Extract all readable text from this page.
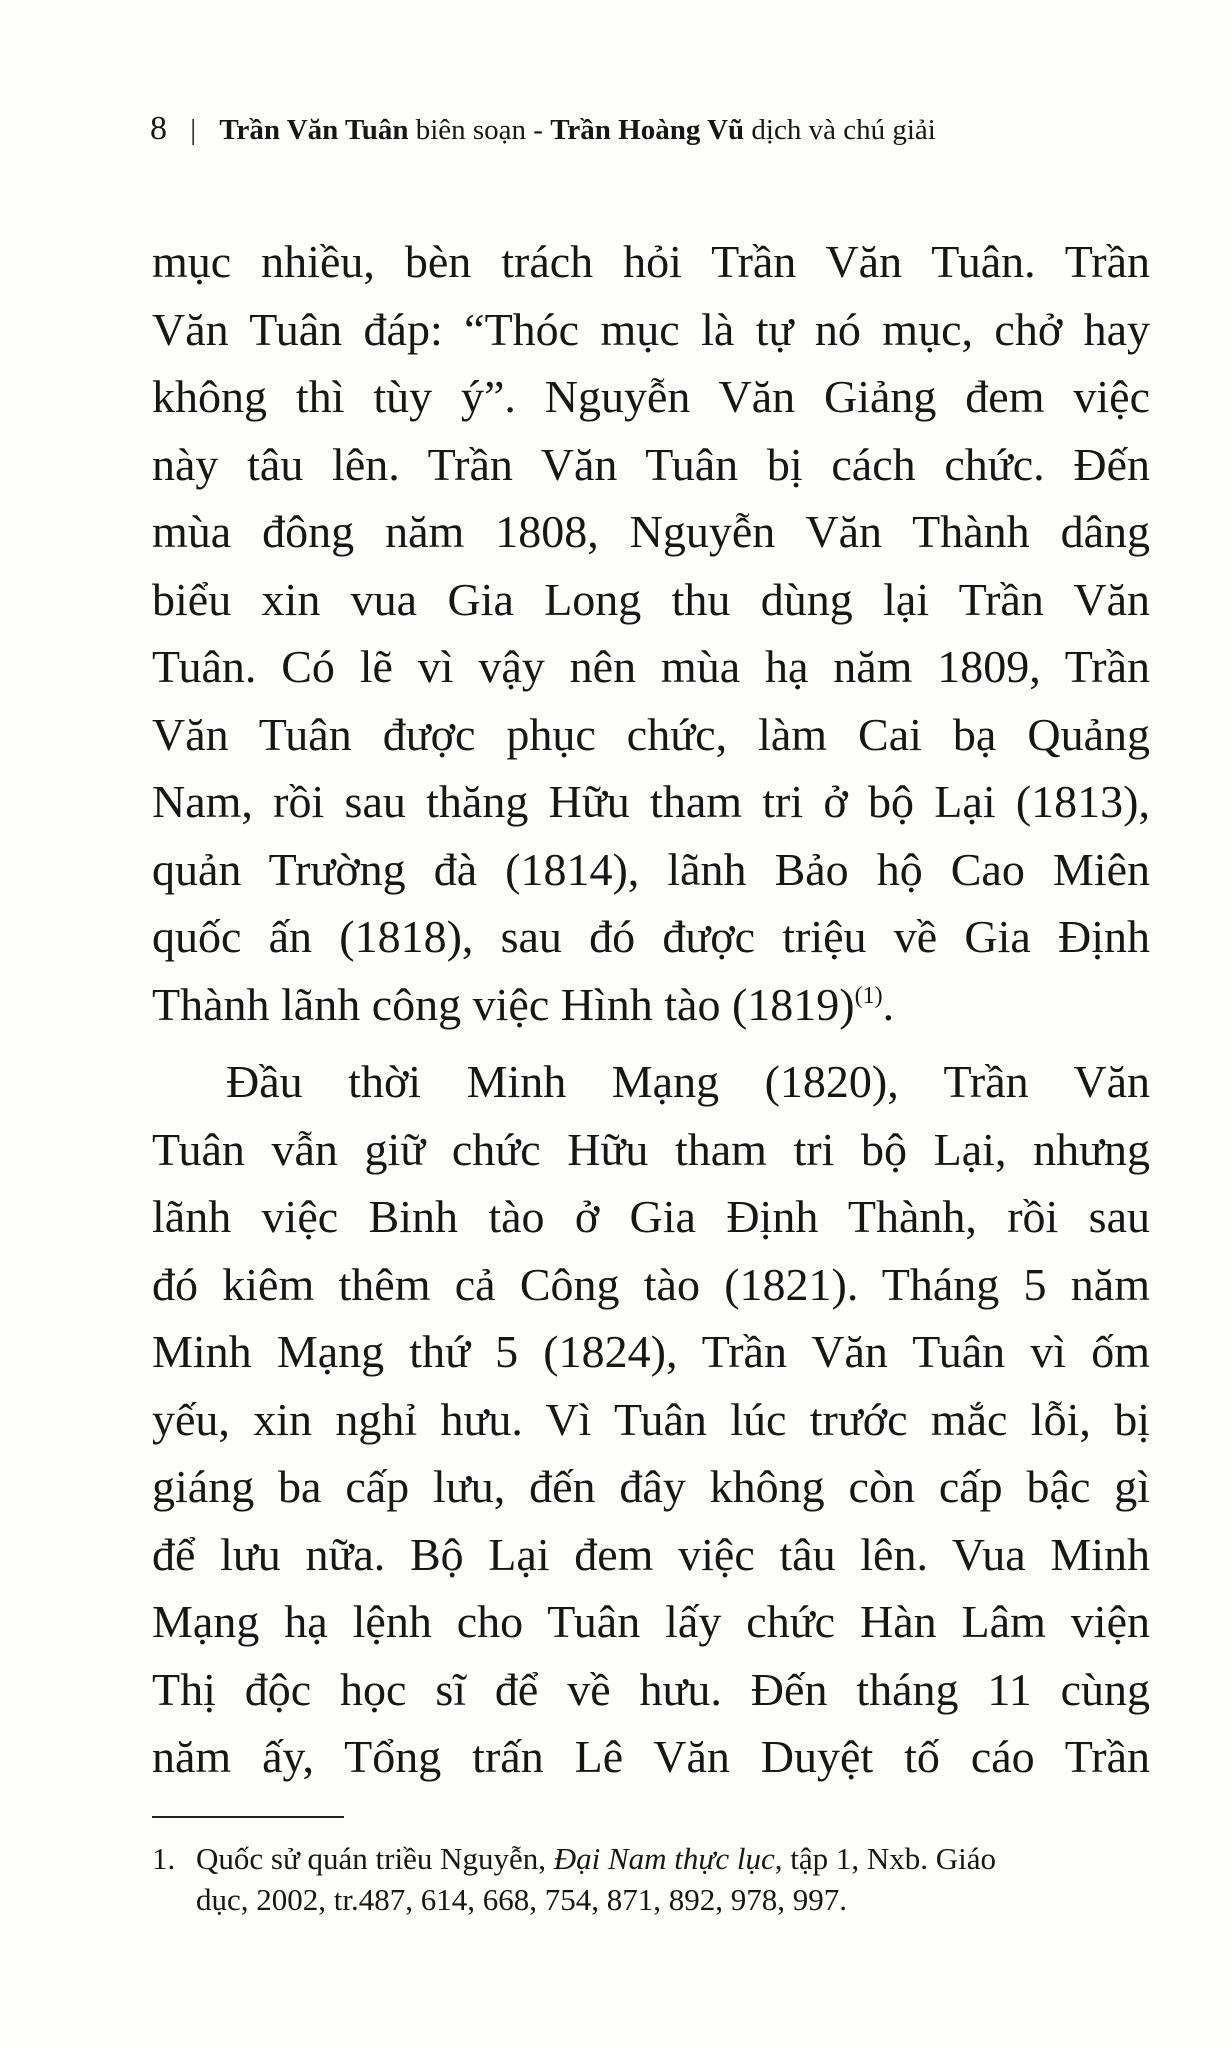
8 | Trần Văn Tuân biên soạn - Trần Hoàng Vũ dịch và chú giải
mục nhiều, bèn trách hỏi Trần Văn Tuân. Trần
Văn Tuân đáp: “Thóc mục là tự nó mục, chở hay
không thì tùy ý”. Nguyễn Văn Giảng đem việc
này tâu lên. Trần Văn Tuân bị cách chức. Đến
mùa đông năm 1808, Nguyễn Văn Thành dâng
biểu xin vua Gia Long thu dùng lại Trần Văn
Tuân. Có lẽ vì vậy nên mùa hạ năm 1809, Trần
Văn Tuân được phục chức, làm Cai bạ Quảng
Nam, rồi sau thăng Hữu tham tri ở bộ Lại (1813),
quản Trường đà (1814), lãnh Bảo hộ Cao Miên
quốc ấn (1818), sau đó được triệu về Gia Định
Thành lãnh công việc Hình tào $(1819)^{(1)}$.
Đầu thời Minh Mạng (1820), Trần Văn
Tuân vẫn giữ chức Hữu tham tri bộ Lại, nhưng
lãnh việc Binh tào ở Gia Định Thành, rồi sau
đó kiêm thêm cả Công tào (1821). Tháng 5 năm
Minh Mạng thứ 5 (1824), Trần Văn Tuân vì ốm
yếu, xin nghỉ hưu. Vì Tuân lúc trước mắc lỗi, bị
giáng ba cấp lưu, đến đây không còn cấp bậc gì
để lưu nữa. Bộ Lại đem việc tâu lên. Vua Minh
Mạng hạ lệnh cho Tuân lấy chức Hàn Lâm viện
Thị độc học sĩ để về hưu. Đến tháng 11 cùng
năm ấy, Tổng trấn Lê Văn Duyệt tố cáo Trần
1. Quốc sử quán triều Nguyễn, Đại Nam thực lục, tập 1, Nxb. Giáo
dục, 2002, tr.487, 614, 668, 754, 871, 892, 978, 997.
